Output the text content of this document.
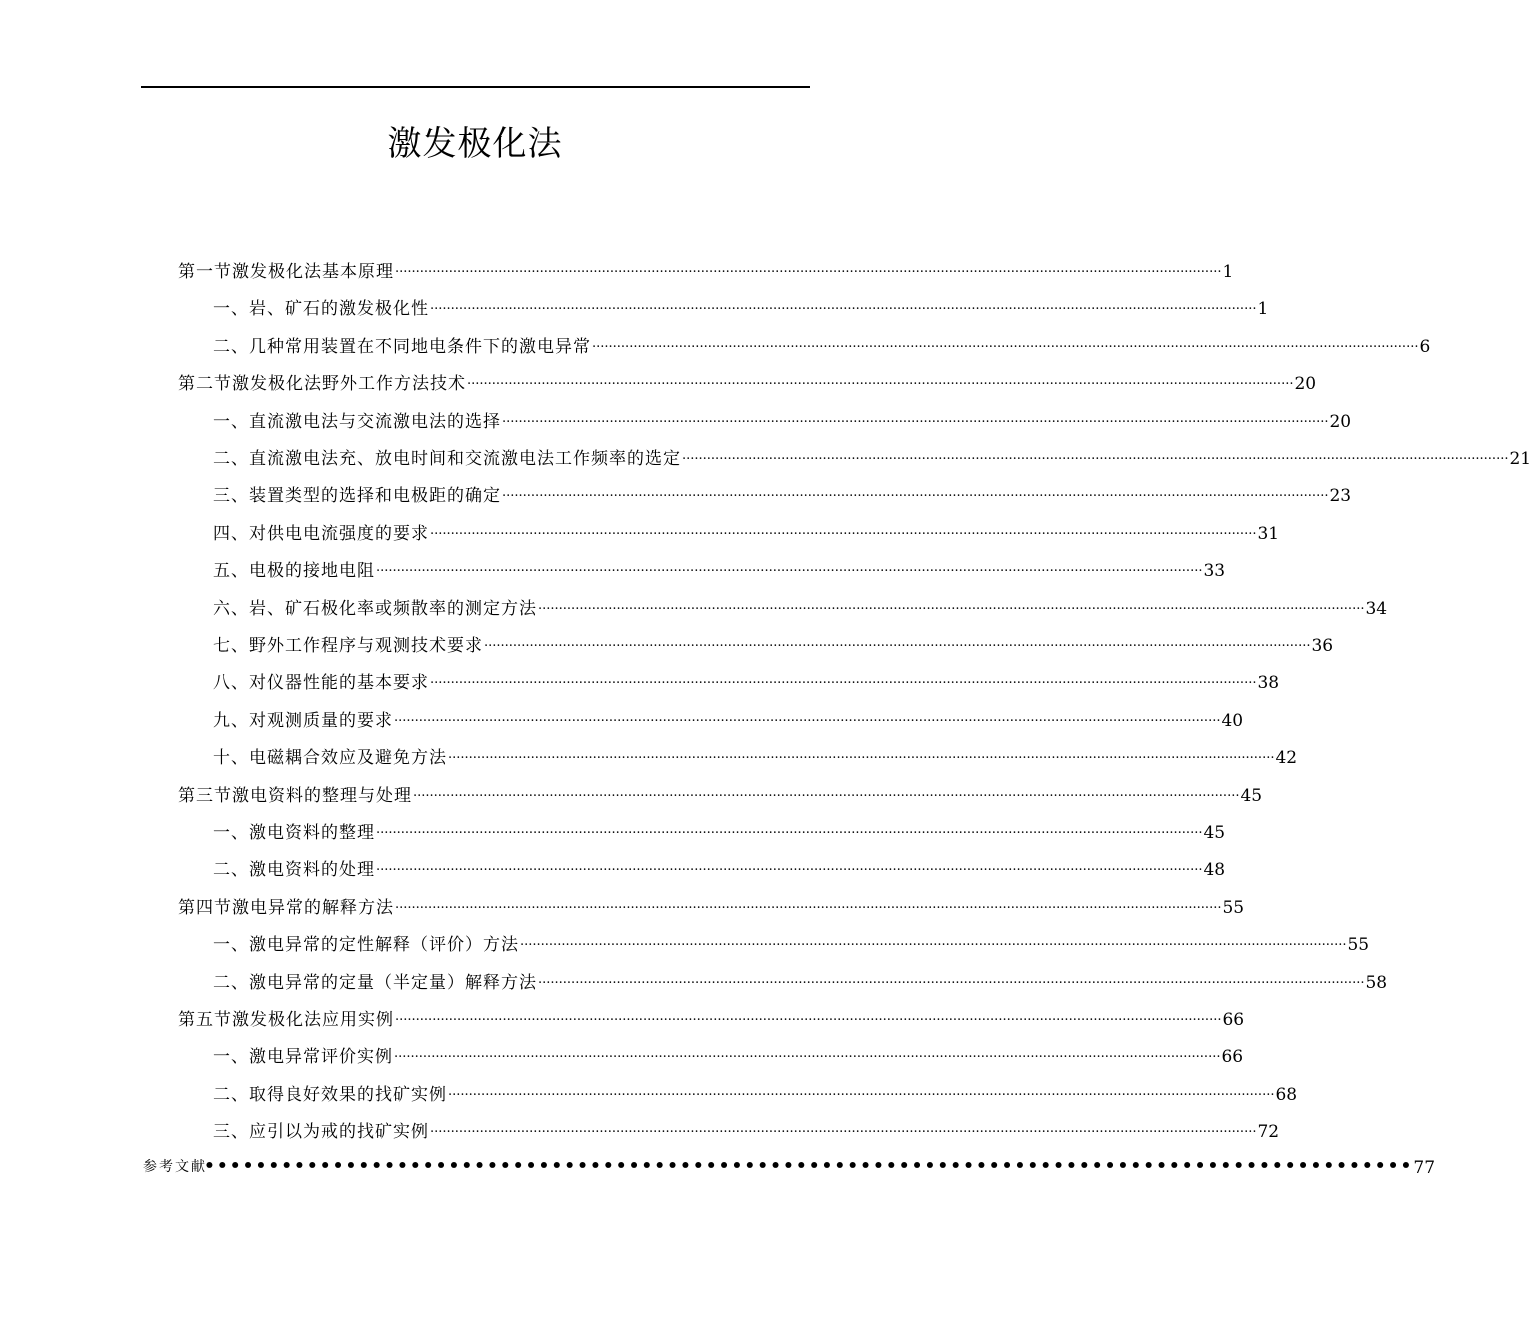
激发极化法
第一节 激发极化法基本原理 ........................................................................................................................................................................................................ 1
一、 岩、矿石的激发极化性 ........................................................................................................................................................................................................ 1
二、 几种常用装置在不同地电条件下的激电异常 ........................................................................................................................................................................................................ 6
第二节 激发极化法野外工作方法技术 ........................................................................................................................................................................................................ 20
一、 直流激电法与交流激电法的选择 ........................................................................................................................................................................................................ 20
二、 直流激电法充、放电时间和交流激电法工作频率的选定 ........................................................................................................................................................................................................ 21
三、 装置类型的选择和电极距的确定 ........................................................................................................................................................................................................ 23
四、 对供电电流强度的要求 ........................................................................................................................................................................................................ 31
五、 电极的接地电阻 ........................................................................................................................................................................................................ 33
六、 岩、矿石极化率或频散率的测定方法 ........................................................................................................................................................................................................ 34
七、 野外工作程序与观测技术要求 ........................................................................................................................................................................................................ 36
八、 对仪器性能的基本要求 ........................................................................................................................................................................................................ 38
九、 对观测质量的要求 ........................................................................................................................................................................................................ 40
十、 电磁耦合效应及避免方法 ........................................................................................................................................................................................................ 42
第三节 激电资料的整理与处理 ........................................................................................................................................................................................................ 45
一、 激电资料的整理 ........................................................................................................................................................................................................ 45
二、 激电资料的处理 ........................................................................................................................................................................................................ 48
第四节 激电异常的解释方法 ........................................................................................................................................................................................................ 55
一、 激电异常的定性解释（评价）方法 ........................................................................................................................................................................................................ 55
二、 激电异常的定量（半定量）解释方法 ........................................................................................................................................................................................................ 58
第五节 激发极化法应用实例 ........................................................................................................................................................................................................ 66
一、 激电异常评价实例 ........................................................................................................................................................................................................ 66
二、 取得良好效果的找矿实例 ........................................................................................................................................................................................................ 68
三、 应引以为戒的找矿实例 ........................................................................................................................................................................................................ 72
参考文献
•••••••••••••••••••••••••••••••••••••••••••••••••••••••••••••••••••••••••••••••••••••••••••••• 77
